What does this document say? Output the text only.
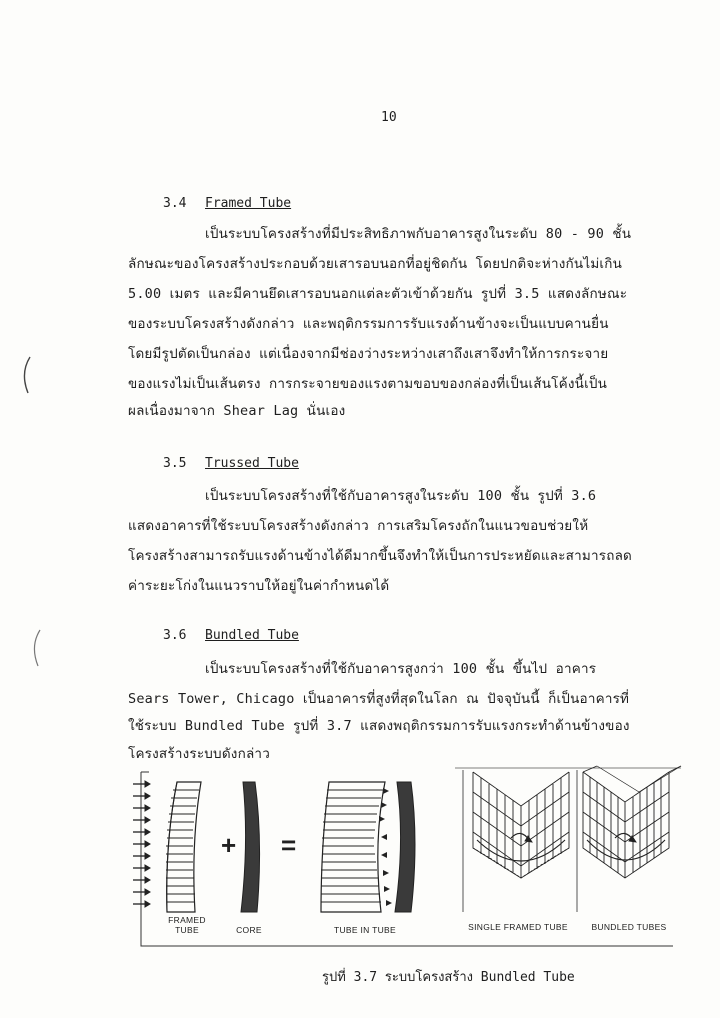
10
3.4 Framed Tube
เป็นระบบโครงสร้างที่มีประสิทธิภาพกับอาคารสูงในระดับ 80 - 90 ชั้น
ลักษณะของโครงสร้างประกอบด้วยเสารอบนอกที่อยู่ชิดกัน โดยปกติจะห่างกันไม่เกิน
5.00 เมตร และมีคานยึดเสารอบนอกแต่ละตัวเข้าด้วยกัน รูปที่ 3.5 แสดงลักษณะ
ของระบบโครงสร้างดังกล่าว และพฤติกรรมการรับแรงด้านข้างจะเป็นแบบคานยื่น
โดยมีรูปตัดเป็นกล่อง แต่เนื่องจากมีช่องว่างระหว่างเสาถึงเสาจึงทำให้การกระจาย
ของแรงไม่เป็นเส้นตรง การกระจายของแรงตามขอบของกล่องที่เป็นเส้นโค้งนี้เป็น
ผลเนื่องมาจาก Shear Lag นั่นเอง
3.5 Trussed Tube
เป็นระบบโครงสร้างที่ใช้กับอาคารสูงในระดับ 100 ชั้น รูปที่ 3.6
แสดงอาคารที่ใช้ระบบโครงสร้างดังกล่าว การเสริมโครงถักในแนวขอบช่วยให้
โครงสร้างสามารถรับแรงด้านข้างได้ดีมากขึ้นจึงทำให้เป็นการประหยัดและสามารถลด
ค่าระยะโก่งในแนวราบให้อยู่ในค่ากำหนดได้
3.6 Bundled Tube
เป็นระบบโครงสร้างที่ใช้กับอาคารสูงกว่า 100 ชั้น ขึ้นไป อาคาร
Sears Tower, Chicago เป็นอาคารที่สูงที่สุดในโลก ณ ปัจจุบันนี้ ก็เป็นอาคารที่
ใช้ระบบ Bundled Tube รูปที่ 3.7 แสดงพฤติกรรมการรับแรงกระทำด้านข้างของ
โครงสร้างระบบดังกล่าว
+ =
FRAMED
TUBE	CORE	TUBE IN TUBE	SINGLE FRAMED TUBE	BUNDLED TUBES
รูปที่ 3.7 ระบบโครงสร้าง Bundled Tube
